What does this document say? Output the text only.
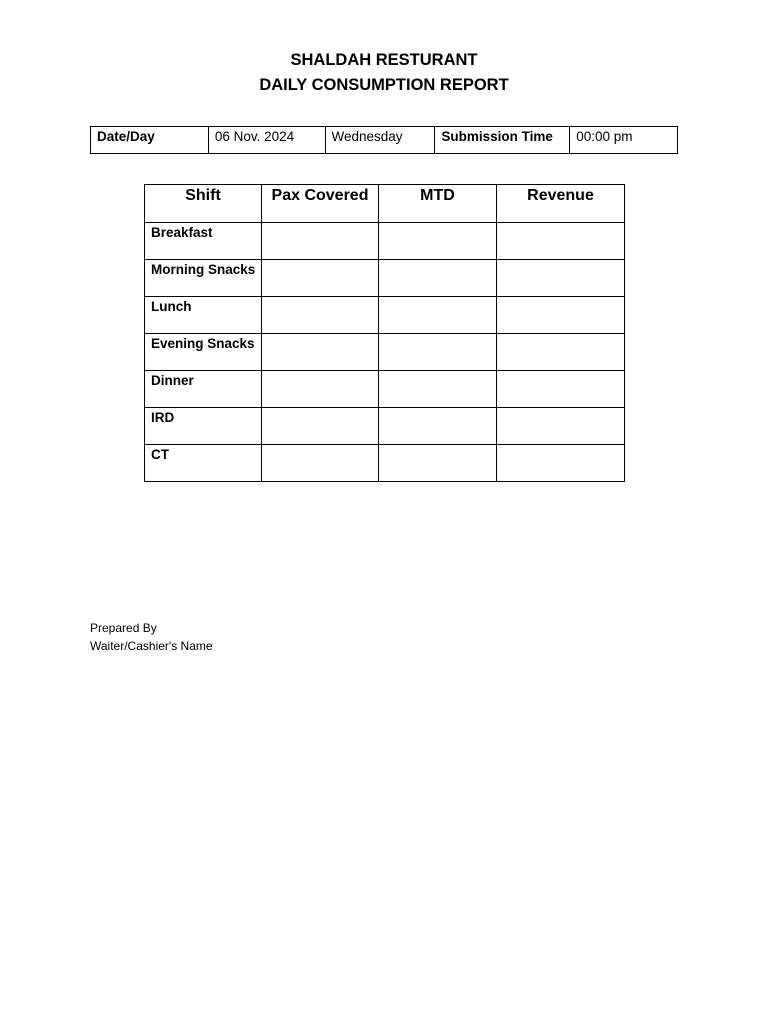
SHALDAH RESTURANT
DAILY CONSUMPTION REPORT
Date/Day	06 Nov. 2024	Wednesday	Submission Time	00:00 pm
Shift	Pax Covered	MTD	Revenue
Breakfast			
Morning Snacks			
Lunch			
Evening Snacks			
Dinner			
IRD			
CT			
Prepared By
Waiter/Cashier's Name
